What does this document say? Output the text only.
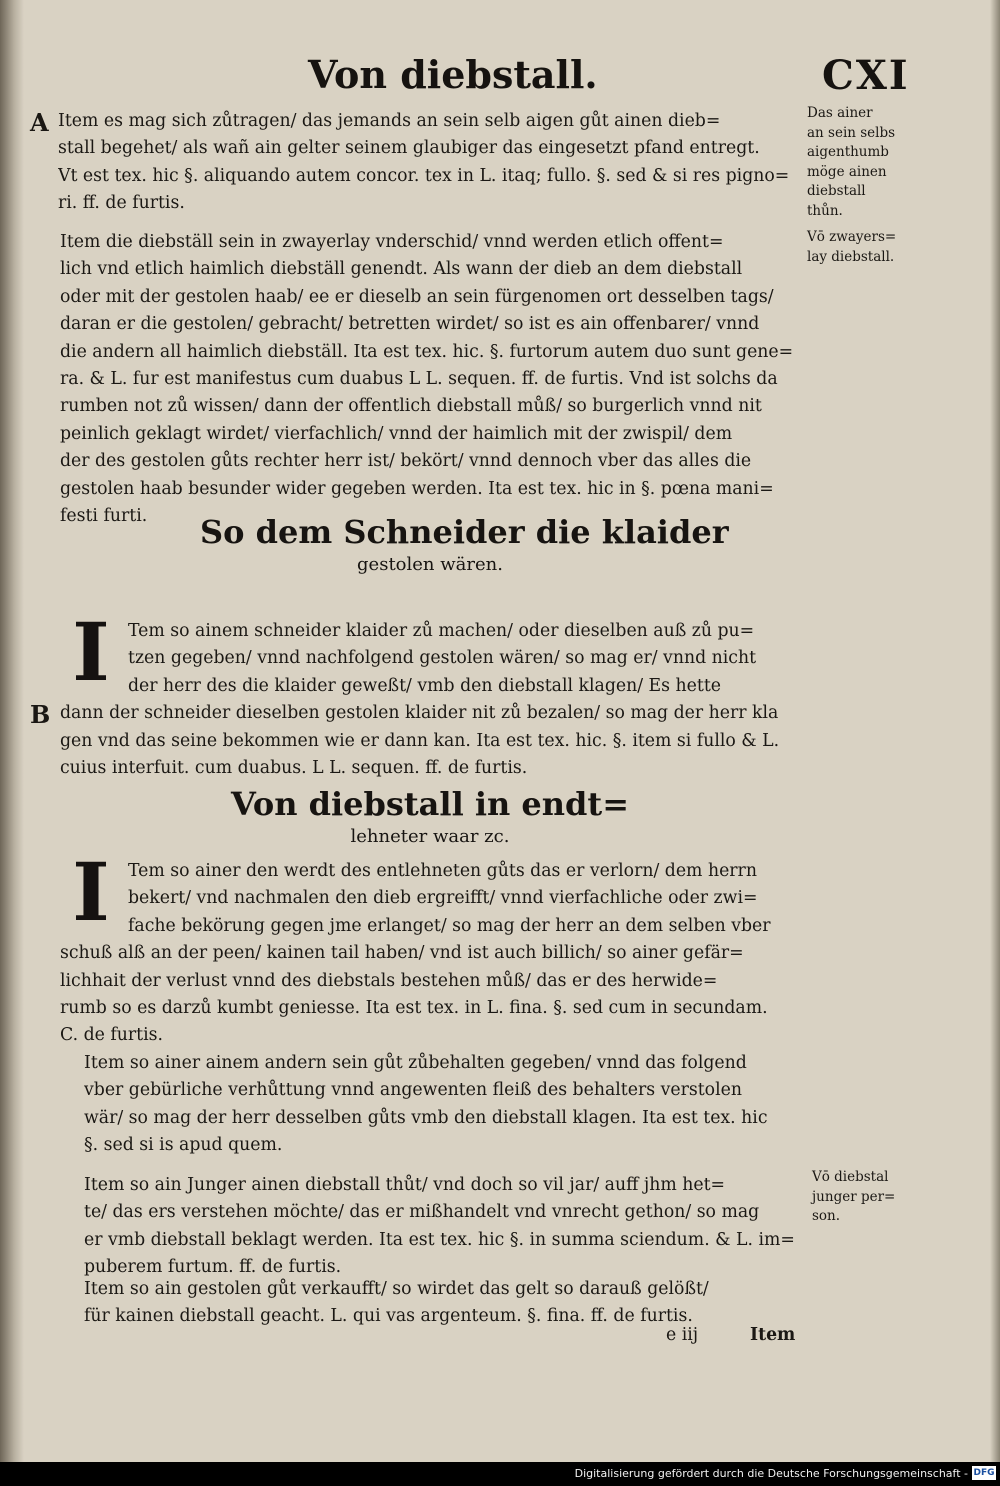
Von diebstall.	CXI
A
B
Item es mag sich zůtragen/ das jemands an sein selb aigen gůt ainen dieb=
stall begehet/ als wañ ain gelter seinem glaubiger das eingesetzt pfand entregt.
Vt est tex. hic §. aliquando autem concor. tex in L. itaq; fullo. §. sed & si res pigno=
ri. ff. de furtis.
Das ainer
an sein selbs
aigenthumb
möge ainen
diebstall
thůn.
Item die diebställ sein in zwayerlay vnderschid/ vnnd werden etlich offent=
lich vnd etlich haimlich diebställ genendt. Als wann der dieb an dem diebstall
oder mit der gestolen haab/ ee er dieselb an sein fürgenomen ort desselben tags/
daran er die gestolen/ gebracht/ betretten wirdet/ so ist es ain offenbarer/ vnnd
die andern all haimlich diebställ. Ita est tex. hic. §. furtorum autem duo sunt gene=
ra. & L. fur est manifestus cum duabus L L. sequen. ff. de furtis. Vnd ist solchs da
rumben not zů wissen/ dann der offentlich diebstall můß/ so burgerlich vnnd nit
peinlich geklagt wirdet/ vierfachlich/ vnnd der haimlich mit der zwispil/ dem
der des gestolen gůts rechter herr ist/ bekört/ vnnd dennoch vber das alles die
gestolen haab besunder wider gegeben werden. Ita est tex. hic in §. pœna mani=
festi furti.
Vō zwayers=
lay diebstall.
So dem Schneider die klaider
gestolen wären.
I	Tem so ainem schneider klaider zů machen/ oder dieselben auß zů pu=
tzen gegeben/ vnnd nachfolgend gestolen wären/ so mag er/ vnnd nicht
der herr des die klaider geweßt/ vmb den diebstall klagen/ Es hette
dann der schneider dieselben gestolen klaider nit zů bezalen/ so mag der herr kla
gen vnd das seine bekommen wie er dann kan. Ita est tex. hic. §. item si fullo & L.
cuius interfuit. cum duabus. L L. sequen. ff. de furtis.
Von diebstall in endt=
lehneter waar zc.
I	Tem so ainer den werdt des entlehneten gůts das er verlorn/ dem herrn
bekert/ vnd nachmalen den dieb ergreifft/ vnnd vierfachliche oder zwi=
fache bekörung gegen jme erlanget/ so mag der herr an dem selben vber
schuß alß an der peen/ kainen tail haben/ vnd ist auch billich/ so ainer gefär=
lichhait der verlust vnnd des diebstals bestehen můß/ das er des herwide=
rumb so es darzů kumbt geniesse. Ita est tex. in L. fina. §. sed cum in secundam.
C. de furtis.
Item so ainer ainem andern sein gůt zůbehalten gegeben/ vnnd das folgend
vber gebürliche verhůttung vnnd angewenten fleiß des behalters verstolen
wär/ so mag der herr desselben gůts vmb den diebstall klagen. Ita est tex. hic
§. sed si is apud quem.
Item so ain Junger ainen diebstall thůt/ vnd doch so vil jar/ auff jhm het=
te/ das ers verstehen möchte/ das er mißhandelt vnd vnrecht gethon/ so mag
er vmb diebstall beklagt werden. Ita est tex. hic §. in summa sciendum. & L. im=
puberem furtum. ff. de furtis.
Vō diebstal
junger per=
son.
Item so ain gestolen gůt verkaufft/ so wirdet das gelt so darauß gelößt/
für kainen diebstall geacht. L. qui vas argenteum. §. fina. ff. de furtis.
e iij	Item
Digitalisierung gefördert durch die Deutsche Forschungsgemeinschaft - DFG
